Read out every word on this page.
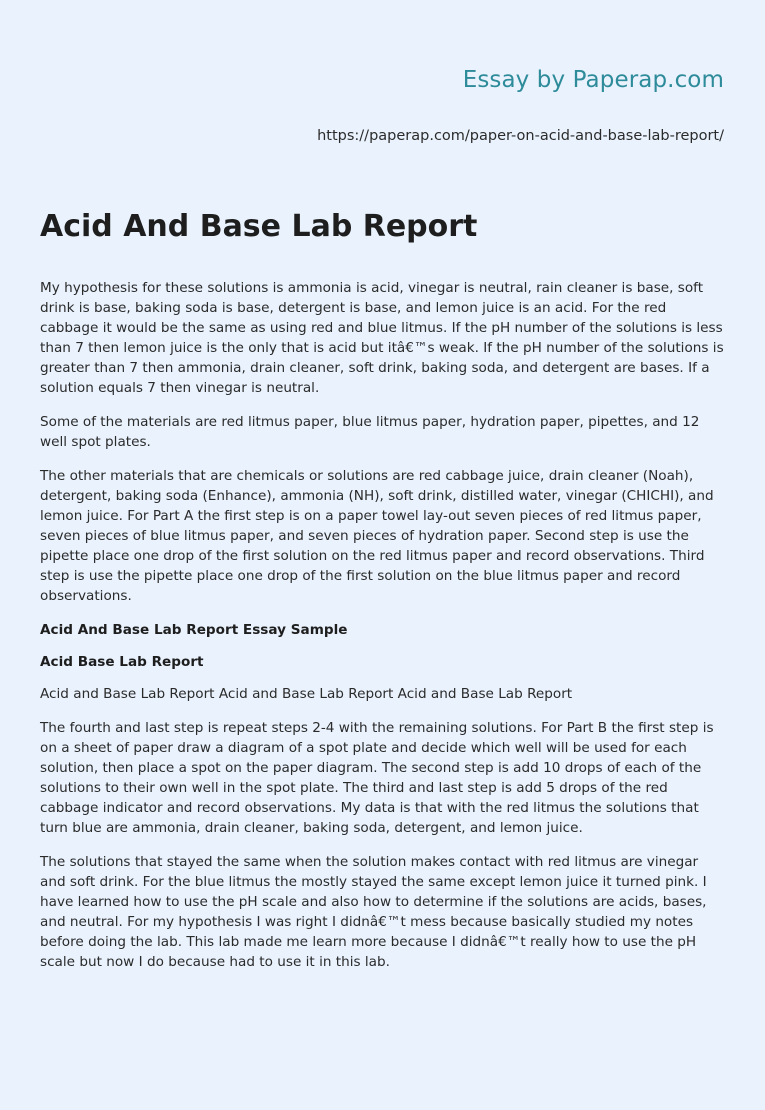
Essay by Paperap.com
https://paperap.com/paper-on-acid-and-base-lab-report/
Acid And Base Lab Report

My hypothesis for these solutions is ammonia is acid, vinegar is neutral, rain cleaner is base, soft drink is base, baking soda is base, detergent is base, and lemon juice is an acid. For the red cabbage it would be the same as using red and blue litmus. If the pH number of the solutions is less than 7 then lemon juice is the only that is acid but itâ€™s weak. If the pH number of the solutions is greater than 7 then ammonia, drain cleaner, soft drink, baking soda, and detergent are bases. If a solution equals 7 then vinegar is neutral.

Some of the materials are red litmus paper, blue litmus paper, hydration paper, pipettes, and 12 well spot plates.

The other materials that are chemicals or solutions are red cabbage juice, drain cleaner (Noah), detergent, baking soda (Enhance), ammonia (NH), soft drink, distilled water, vinegar (CHICHI), and lemon juice. For Part A the first step is on a paper towel lay-out seven pieces of red litmus paper, seven pieces of blue litmus paper, and seven pieces of hydration paper. Second step is use the pipette place one drop of the first solution on the red litmus paper and record observations. Third step is use the pipette place one drop of the first solution on the blue litmus paper and record observations.

Acid And Base Lab Report Essay Sample

Acid Base Lab Report

Acid and Base Lab Report Acid and Base Lab Report Acid and Base Lab Report

The fourth and last step is repeat steps 2-4 with the remaining solutions. For Part B the first step is on a sheet of paper draw a diagram of a spot plate and decide which well will be used for each solution, then place a spot on the paper diagram. The second step is add 10 drops of each of the solutions to their own well in the spot plate. The third and last step is add 5 drops of the red cabbage indicator and record observations. My data is that with the red litmus the solutions that turn blue are ammonia, drain cleaner, baking soda, detergent, and lemon juice.

The solutions that stayed the same when the solution makes contact with red litmus are vinegar and soft drink. For the blue litmus the mostly stayed the same except lemon juice it turned pink. I have learned how to use the pH scale and also how to determine if the solutions are acids, bases, and neutral. For my hypothesis I was right I didnâ€™t mess because basically studied my notes before doing the lab. This lab made me learn more because I didnâ€™t really how to use the pH scale but now I do because had to use it in this lab.
